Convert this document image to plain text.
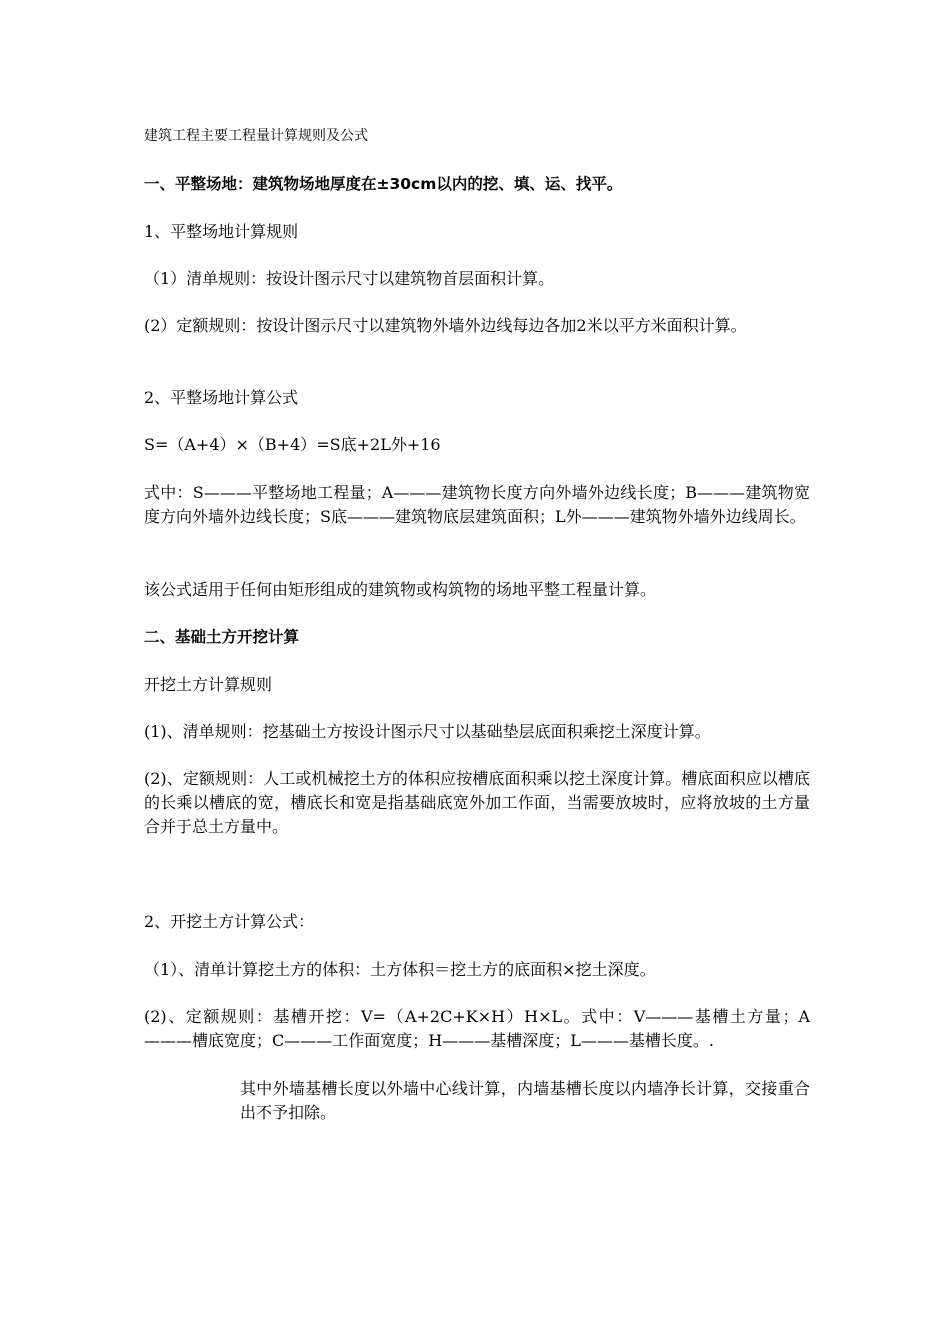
建筑工程主要工程量计算规则及公式
一、平整场地：建筑物场地厚度在±30cm以内的挖、填、运、找平。
1、平整场地计算规则
（1）清单规则：按设计图示尺寸以建筑物首层面积计算。
(2）定额规则：按设计图示尺寸以建筑物外墙外边线每边各加2米以平方米面积计算。
2、平整场地计算公式
S=（A+4）×（B+4）=S底+2L外+16
式中：S———平整场地工程量；A———建筑物长度方向外墙外边线长度；B———建筑物宽度方向外墙外边线长度；S底———建筑物底层建筑面积；L外———建筑物外墙外边线周长。
该公式适用于任何由矩形组成的建筑物或构筑物的场地平整工程量计算。
二、基础土方开挖计算
开挖土方计算规则
(1)、清单规则：挖基础土方按设计图示尺寸以基础垫层底面积乘挖土深度计算。
(2)、定额规则：人工或机械挖土方的体积应按槽底面积乘以挖土深度计算。槽底面积应以槽底的长乘以槽底的宽，槽底长和宽是指基础底宽外加工作面，当需要放坡时，应将放坡的土方量合并于总土方量中。
2、开挖土方计算公式：
（1）、清单计算挖土方的体积：土方体积＝挖土方的底面积×挖土深度。
(2)、定额规则：基槽开挖：V=（A+2C+K×H）H×L。式中：V———基槽土方量；A———槽底宽度；C———工作面宽度；H———基槽深度；L———基槽长度。.
其中外墙基槽长度以外墙中心线计算，内墙基槽长度以内墙净长计算，交接重合出不予扣除。
